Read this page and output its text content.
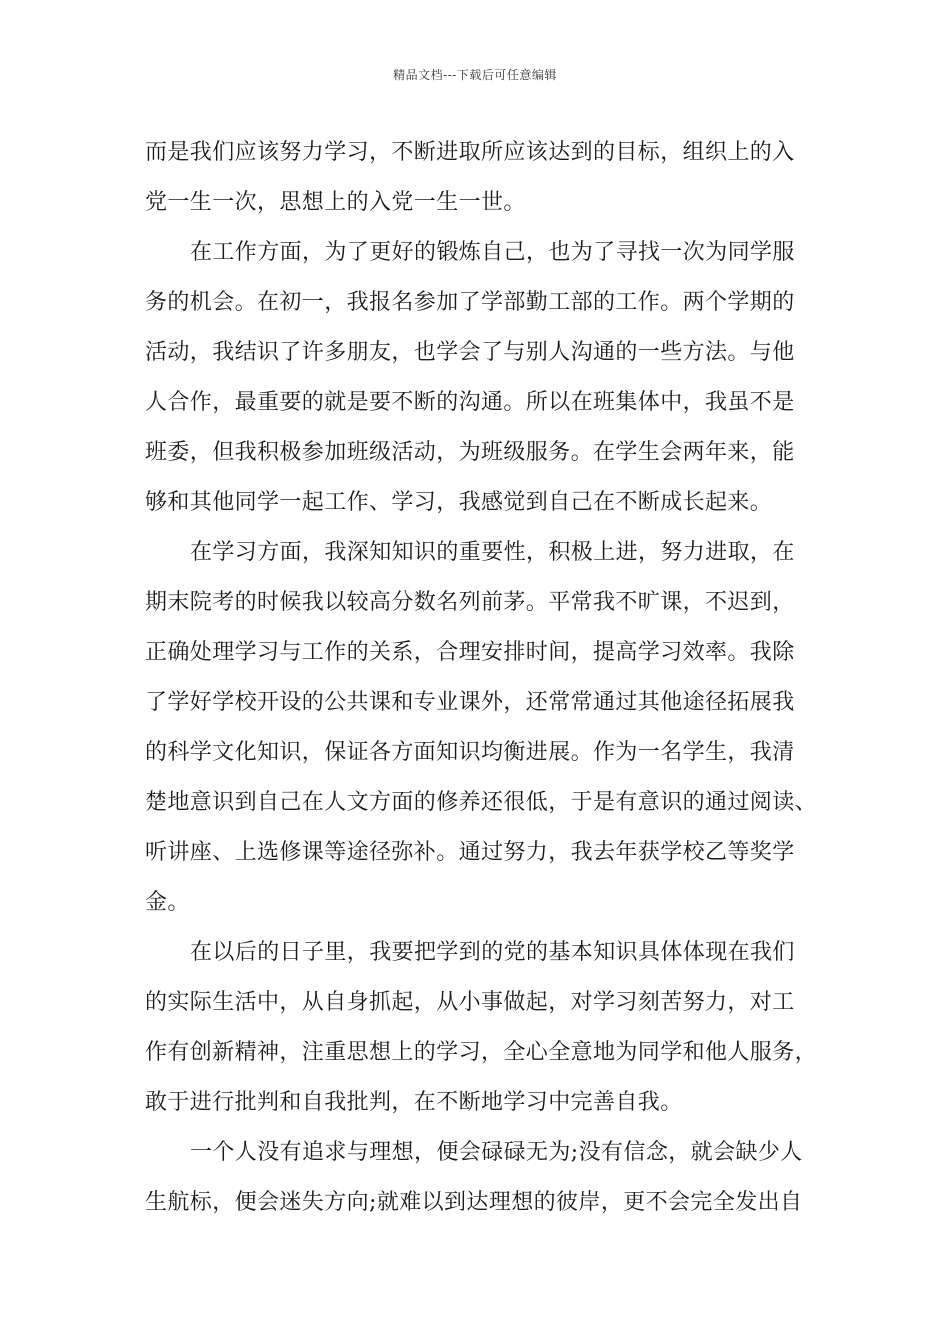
精品文档---下载后可任意编辑
而是我们应该努力学习，不断进取所应该达到的目标，组织上的入
党一生一次，思想上的入党一生一世。
在工作方面，为了更好的锻炼自己，也为了寻找一次为同学服
务的机会。在初一，我报名参加了学部勤工部的工作。两个学期的
活动，我结识了许多朋友，也学会了与别人沟通的一些方法。与他
人合作，最重要的就是要不断的沟通。所以在班集体中，我虽不是
班委，但我积极参加班级活动，为班级服务。在学生会两年来，能
够和其他同学一起工作、学习，我感觉到自己在不断成长起来。
在学习方面，我深知知识的重要性，积极上进，努力进取，在
期末院考的时候我以较高分数名列前茅。平常我不旷课，不迟到，
正确处理学习与工作的关系，合理安排时间，提高学习效率。我除
了学好学校开设的公共课和专业课外，还常常通过其他途径拓展我
的科学文化知识，保证各方面知识均衡进展。作为一名学生，我清
楚地意识到自己在人文方面的修养还很低，于是有意识的通过阅读、
听讲座、上选修课等途径弥补。通过努力，我去年获学校乙等奖学
金。
在以后的日子里，我要把学到的党的基本知识具体体现在我们
的实际生活中，从自身抓起，从小事做起，对学习刻苦努力，对工
作有创新精神，注重思想上的学习，全心全意地为同学和他人服务，
敢于进行批判和自我批判，在不断地学习中完善自我。
一个人没有追求与理想，便会碌碌无为;没有信念，就会缺少人
生航标，便会迷失方向;就难以到达理想的彼岸，更不会完全发出自
